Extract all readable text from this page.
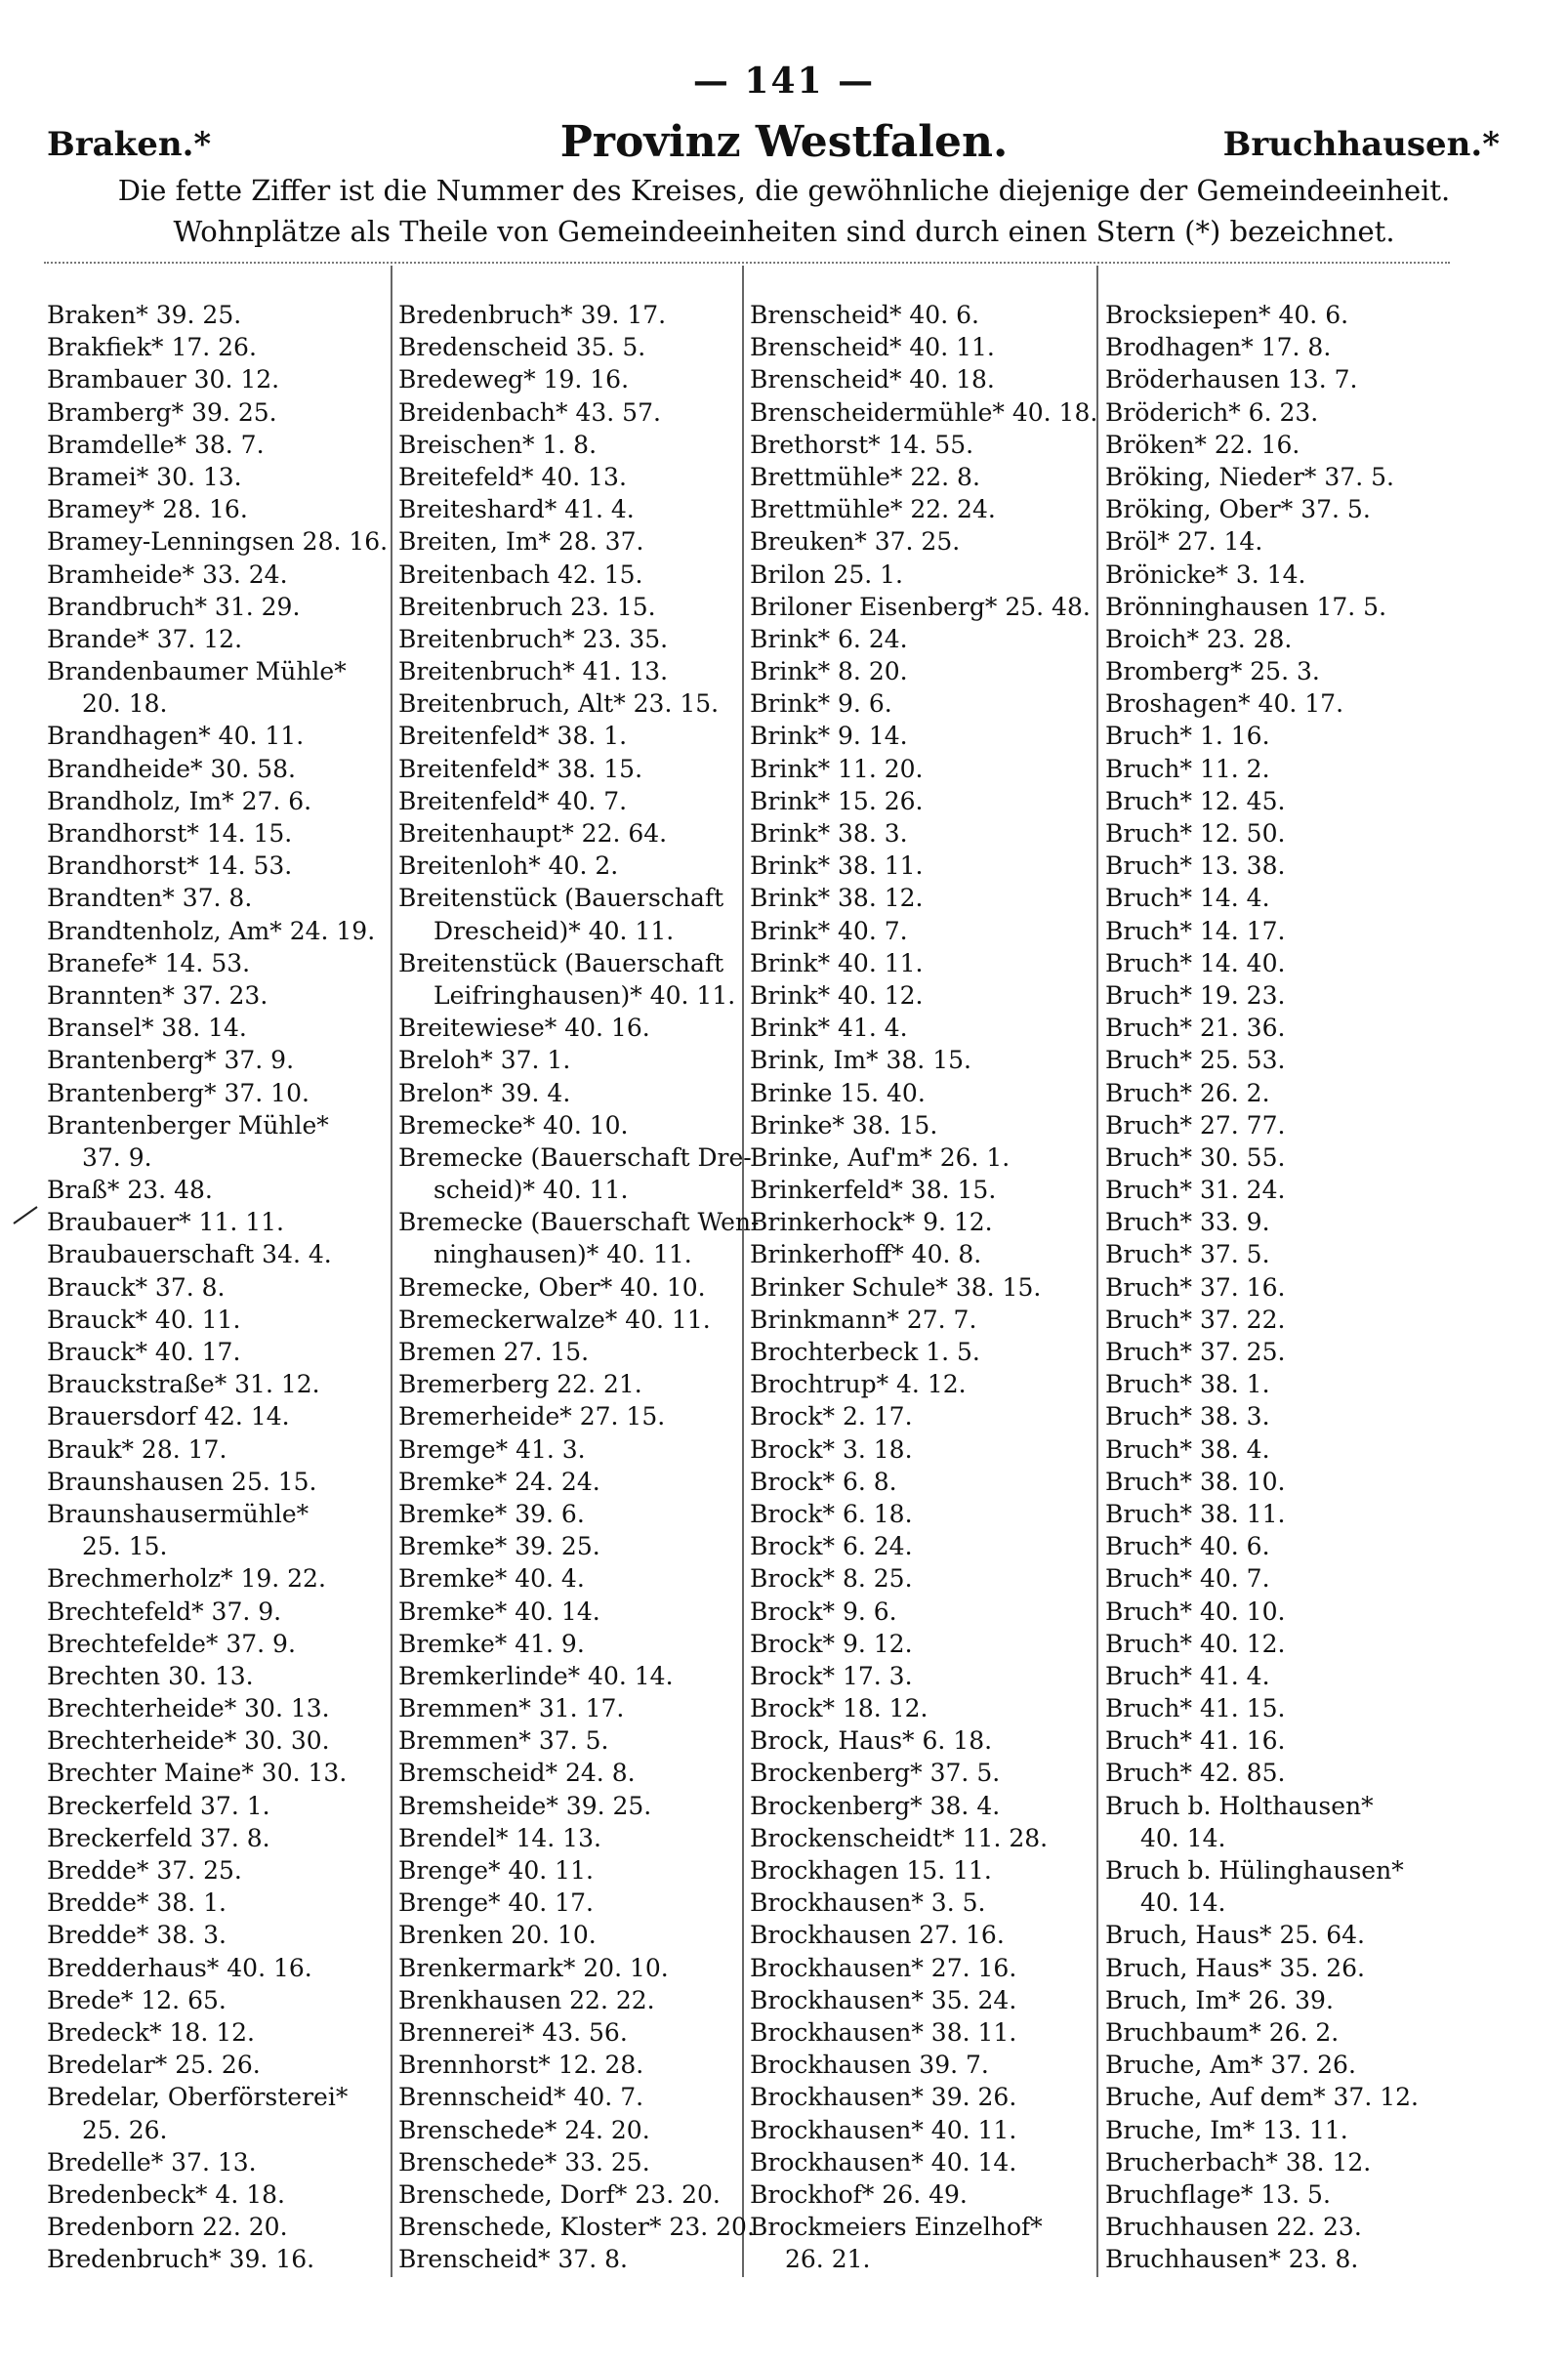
— 141 —
Braken.*	Provinz Westfalen.	Bruchhausen.*
Die fette Ziffer ist die Nummer des Kreises, die gewöhnliche diejenige der Gemeindeeinheit.
Wohnplätze als Theile von Gemeindeeinheiten sind durch einen Stern (*) bezeichnet.
Braken* 39. 25.
Brakfiek* 17. 26.
Brambauer 30. 12.
Bramberg* 39. 25.
Bramdelle* 38. 7.
Bramei* 30. 13.
Bramey* 28. 16.
Bramey-Lenningsen 28. 16.
Bramheide* 33. 24.
Brandbruch* 31. 29.
Brande* 37. 12.
Brandenbaumer Mühle*
20. 18.
Brandhagen* 40. 11.
Brandheide* 30. 58.
Brandholz, Im* 27. 6.
Brandhorst* 14. 15.
Brandhorst* 14. 53.
Brandten* 37. 8.
Brandtenholz, Am* 24. 19.
Branefe* 14. 53.
Brannten* 37. 23.
Bransel* 38. 14.
Brantenberg* 37. 9.
Brantenberg* 37. 10.
Brantenberger Mühle*
37. 9.
Braß* 23. 48.
Braubauer* 11. 11.
Braubauerschaft 34. 4.
Brauck* 37. 8.
Brauck* 40. 11.
Brauck* 40. 17.
Brauckstraße* 31. 12.
Brauersdorf 42. 14.
Brauk* 28. 17.
Braunshausen 25. 15.
Braunshausermühle*
25. 15.
Brechmerholz* 19. 22.
Brechtefeld* 37. 9.
Brechtefelde* 37. 9.
Brechten 30. 13.
Brechterheide* 30. 13.
Brechterheide* 30. 30.
Brechter Maine* 30. 13.
Breckerfeld 37. 1.
Breckerfeld 37. 8.
Bredde* 37. 25.
Bredde* 38. 1.
Bredde* 38. 3.
Bredderhaus* 40. 16.
Brede* 12. 65.
Bredeck* 18. 12.
Bredelar* 25. 26.
Bredelar, Oberförsterei*
25. 26.
Bredelle* 37. 13.
Bredenbeck* 4. 18.
Bredenborn 22. 20.
Bredenbruch* 39. 16.
Bredenbruch* 39. 17.
Bredenscheid 35. 5.
Bredeweg* 19. 16.
Breidenbach* 43. 57.
Breischen* 1. 8.
Breitefeld* 40. 13.
Breiteshard* 41. 4.
Breiten, Im* 28. 37.
Breitenbach 42. 15.
Breitenbruch 23. 15.
Breitenbruch* 23. 35.
Breitenbruch* 41. 13.
Breitenbruch, Alt* 23. 15.
Breitenfeld* 38. 1.
Breitenfeld* 38. 15.
Breitenfeld* 40. 7.
Breitenhaupt* 22. 64.
Breitenloh* 40. 2.
Breitenstück (Bauerschaft
Drescheid)* 40. 11.
Breitenstück (Bauerschaft
Leifringhausen)* 40. 11.
Breitewiese* 40. 16.
Breloh* 37. 1.
Brelon* 39. 4.
Bremecke* 40. 10.
Bremecke (Bauerschaft Dre-
scheid)* 40. 11.
Bremecke (Bauerschaft Wen-
ninghausen)* 40. 11.
Bremecke, Ober* 40. 10.
Bremeckerwalze* 40. 11.
Bremen 27. 15.
Bremerberg 22. 21.
Bremerheide* 27. 15.
Bremge* 41. 3.
Bremke* 24. 24.
Bremke* 39. 6.
Bremke* 39. 25.
Bremke* 40. 4.
Bremke* 40. 14.
Bremke* 41. 9.
Bremkerlinde* 40. 14.
Bremmen* 31. 17.
Bremmen* 37. 5.
Bremscheid* 24. 8.
Bremsheide* 39. 25.
Brendel* 14. 13.
Brenge* 40. 11.
Brenge* 40. 17.
Brenken 20. 10.
Brenkermark* 20. 10.
Brenkhausen 22. 22.
Brennerei* 43. 56.
Brennhorst* 12. 28.
Brennscheid* 40. 7.
Brenschede* 24. 20.
Brenschede* 33. 25.
Brenschede, Dorf* 23. 20.
Brenschede, Kloster* 23. 20.
Brenscheid* 37. 8.
Brenscheid* 40. 6.
Brenscheid* 40. 11.
Brenscheid* 40. 18.
Brenscheidermühle* 40. 18.
Brethorst* 14. 55.
Brettmühle* 22. 8.
Brettmühle* 22. 24.
Breuken* 37. 25.
Brilon 25. 1.
Briloner Eisenberg* 25. 48.
Brink* 6. 24.
Brink* 8. 20.
Brink* 9. 6.
Brink* 9. 14.
Brink* 11. 20.
Brink* 15. 26.
Brink* 38. 3.
Brink* 38. 11.
Brink* 38. 12.
Brink* 40. 7.
Brink* 40. 11.
Brink* 40. 12.
Brink* 41. 4.
Brink, Im* 38. 15.
Brinke 15. 40.
Brinke* 38. 15.
Brinke, Auf'm* 26. 1.
Brinkerfeld* 38. 15.
Brinkerhock* 9. 12.
Brinkerhoff* 40. 8.
Brinker Schule* 38. 15.
Brinkmann* 27. 7.
Brochterbeck 1. 5.
Brochtrup* 4. 12.
Brock* 2. 17.
Brock* 3. 18.
Brock* 6. 8.
Brock* 6. 18.
Brock* 6. 24.
Brock* 8. 25.
Brock* 9. 6.
Brock* 9. 12.
Brock* 17. 3.
Brock* 18. 12.
Brock, Haus* 6. 18.
Brockenberg* 37. 5.
Brockenberg* 38. 4.
Brockenscheidt* 11. 28.
Brockhagen 15. 11.
Brockhausen* 3. 5.
Brockhausen 27. 16.
Brockhausen* 27. 16.
Brockhausen* 35. 24.
Brockhausen* 38. 11.
Brockhausen 39. 7.
Brockhausen* 39. 26.
Brockhausen* 40. 11.
Brockhausen* 40. 14.
Brockhof* 26. 49.
Brockmeiers Einzelhof*
26. 21.
Brocksiepen* 40. 6.
Brodhagen* 17. 8.
Bröderhausen 13. 7.
Bröderich* 6. 23.
Bröken* 22. 16.
Bröking, Nieder* 37. 5.
Bröking, Ober* 37. 5.
Bröl* 27. 14.
Brönicke* 3. 14.
Brönninghausen 17. 5.
Broich* 23. 28.
Bromberg* 25. 3.
Broshagen* 40. 17.
Bruch* 1. 16.
Bruch* 11. 2.
Bruch* 12. 45.
Bruch* 12. 50.
Bruch* 13. 38.
Bruch* 14. 4.
Bruch* 14. 17.
Bruch* 14. 40.
Bruch* 19. 23.
Bruch* 21. 36.
Bruch* 25. 53.
Bruch* 26. 2.
Bruch* 27. 77.
Bruch* 30. 55.
Bruch* 31. 24.
Bruch* 33. 9.
Bruch* 37. 5.
Bruch* 37. 16.
Bruch* 37. 22.
Bruch* 37. 25.
Bruch* 38. 1.
Bruch* 38. 3.
Bruch* 38. 4.
Bruch* 38. 10.
Bruch* 38. 11.
Bruch* 40. 6.
Bruch* 40. 7.
Bruch* 40. 10.
Bruch* 40. 12.
Bruch* 41. 4.
Bruch* 41. 15.
Bruch* 41. 16.
Bruch* 42. 85.
Bruch b. Holthausen*
40. 14.
Bruch b. Hülinghausen*
40. 14.
Bruch, Haus* 25. 64.
Bruch, Haus* 35. 26.
Bruch, Im* 26. 39.
Bruchbaum* 26. 2.
Bruche, Am* 37. 26.
Bruche, Auf dem* 37. 12.
Bruche, Im* 13. 11.
Brucherbach* 38. 12.
Bruchflage* 13. 5.
Bruchhausen 22. 23.
Bruchhausen* 23. 8.
